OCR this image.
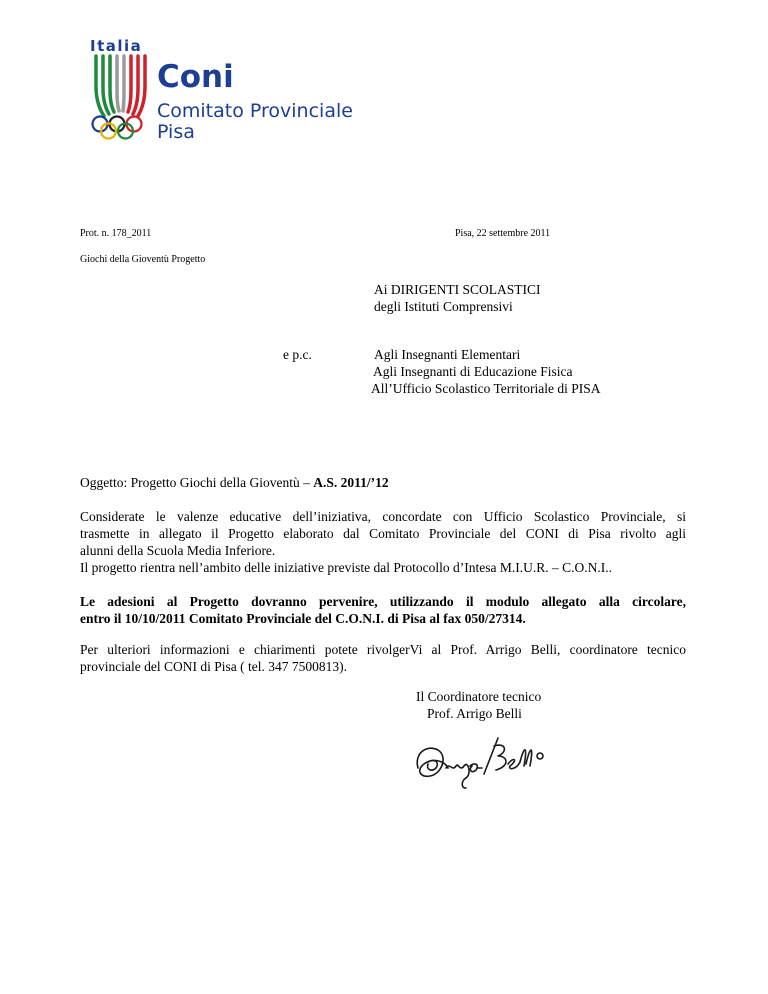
Italia
Coni
Comitato Provinciale
Pisa
Prot. n. 178_2011	Pisa, 22 settembre 2011
Giochi della Gioventù Progetto
Ai DIRIGENTI SCOLASTICI
degli Istituti Comprensivi
e p.c.	Agli Insegnanti Elementari
Agli Insegnanti di Educazione Fisica
All’Ufficio Scolastico Territoriale di PISA
Oggetto: Progetto Giochi della Gioventù – A.S. 2011/’12
Considerate le valenze educative dell’iniziativa, concordate con Ufficio Scolastico Provinciale, si
trasmette in allegato il Progetto elaborato dal Comitato Provinciale del CONI di Pisa rivolto agli
alunni della Scuola Media Inferiore.
Il progetto rientra nell’ambito delle iniziative previste dal Protocollo d’Intesa M.I.U.R. – C.O.N.I..
Le adesioni al Progetto dovranno pervenire, utilizzando il modulo allegato alla circolare,
entro il 10/10/2011 Comitato Provinciale del C.O.N.I. di Pisa al fax 050/27314.
Per ulteriori informazioni e chiarimenti potete rivolgerVi al Prof. Arrigo Belli, coordinatore tecnico
provinciale del CONI di Pisa ( tel. 347 7500813).
Il Coordinatore tecnico
Prof. Arrigo Belli
